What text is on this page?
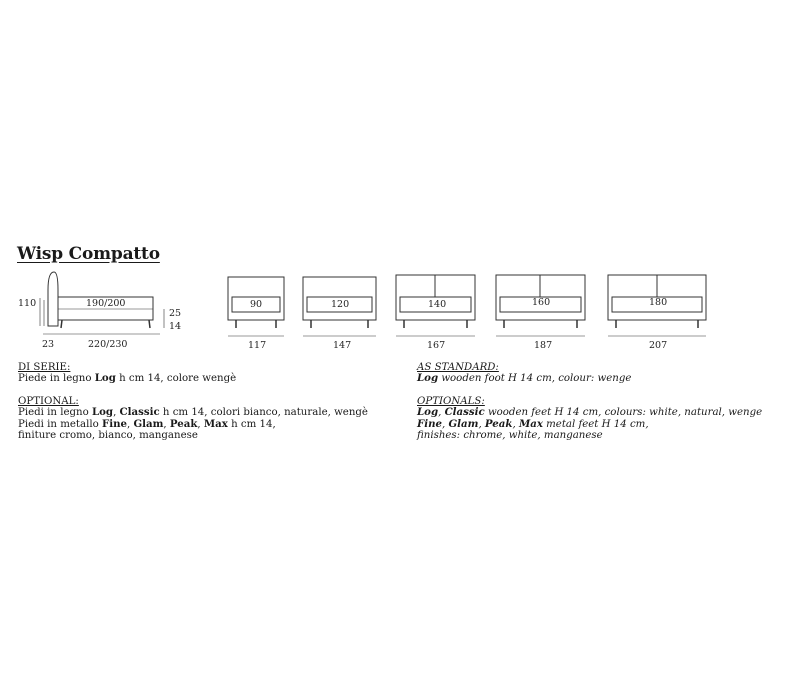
Wisp Compatto
110	190/200
220/230
23
25
14
90
117
120
147
140
167
160
187
180
207
DI SERIE:
Piede in legno Log h cm 14, colore wengè
OPTIONAL:
Piedi in legno Log, Classic h cm 14, colori bianco, naturale, wengè
Piedi in metallo Fine, Glam, Peak, Max h cm 14,
finiture cromo, bianco, manganese
AS STANDARD:
Log wooden foot H 14 cm, colour: wenge
OPTIONALS:
Log, Classic wooden feet H 14 cm, colours: white, natural, wenge
Fine, Glam, Peak, Max metal feet H 14 cm,
finishes: chrome, white, manganese
